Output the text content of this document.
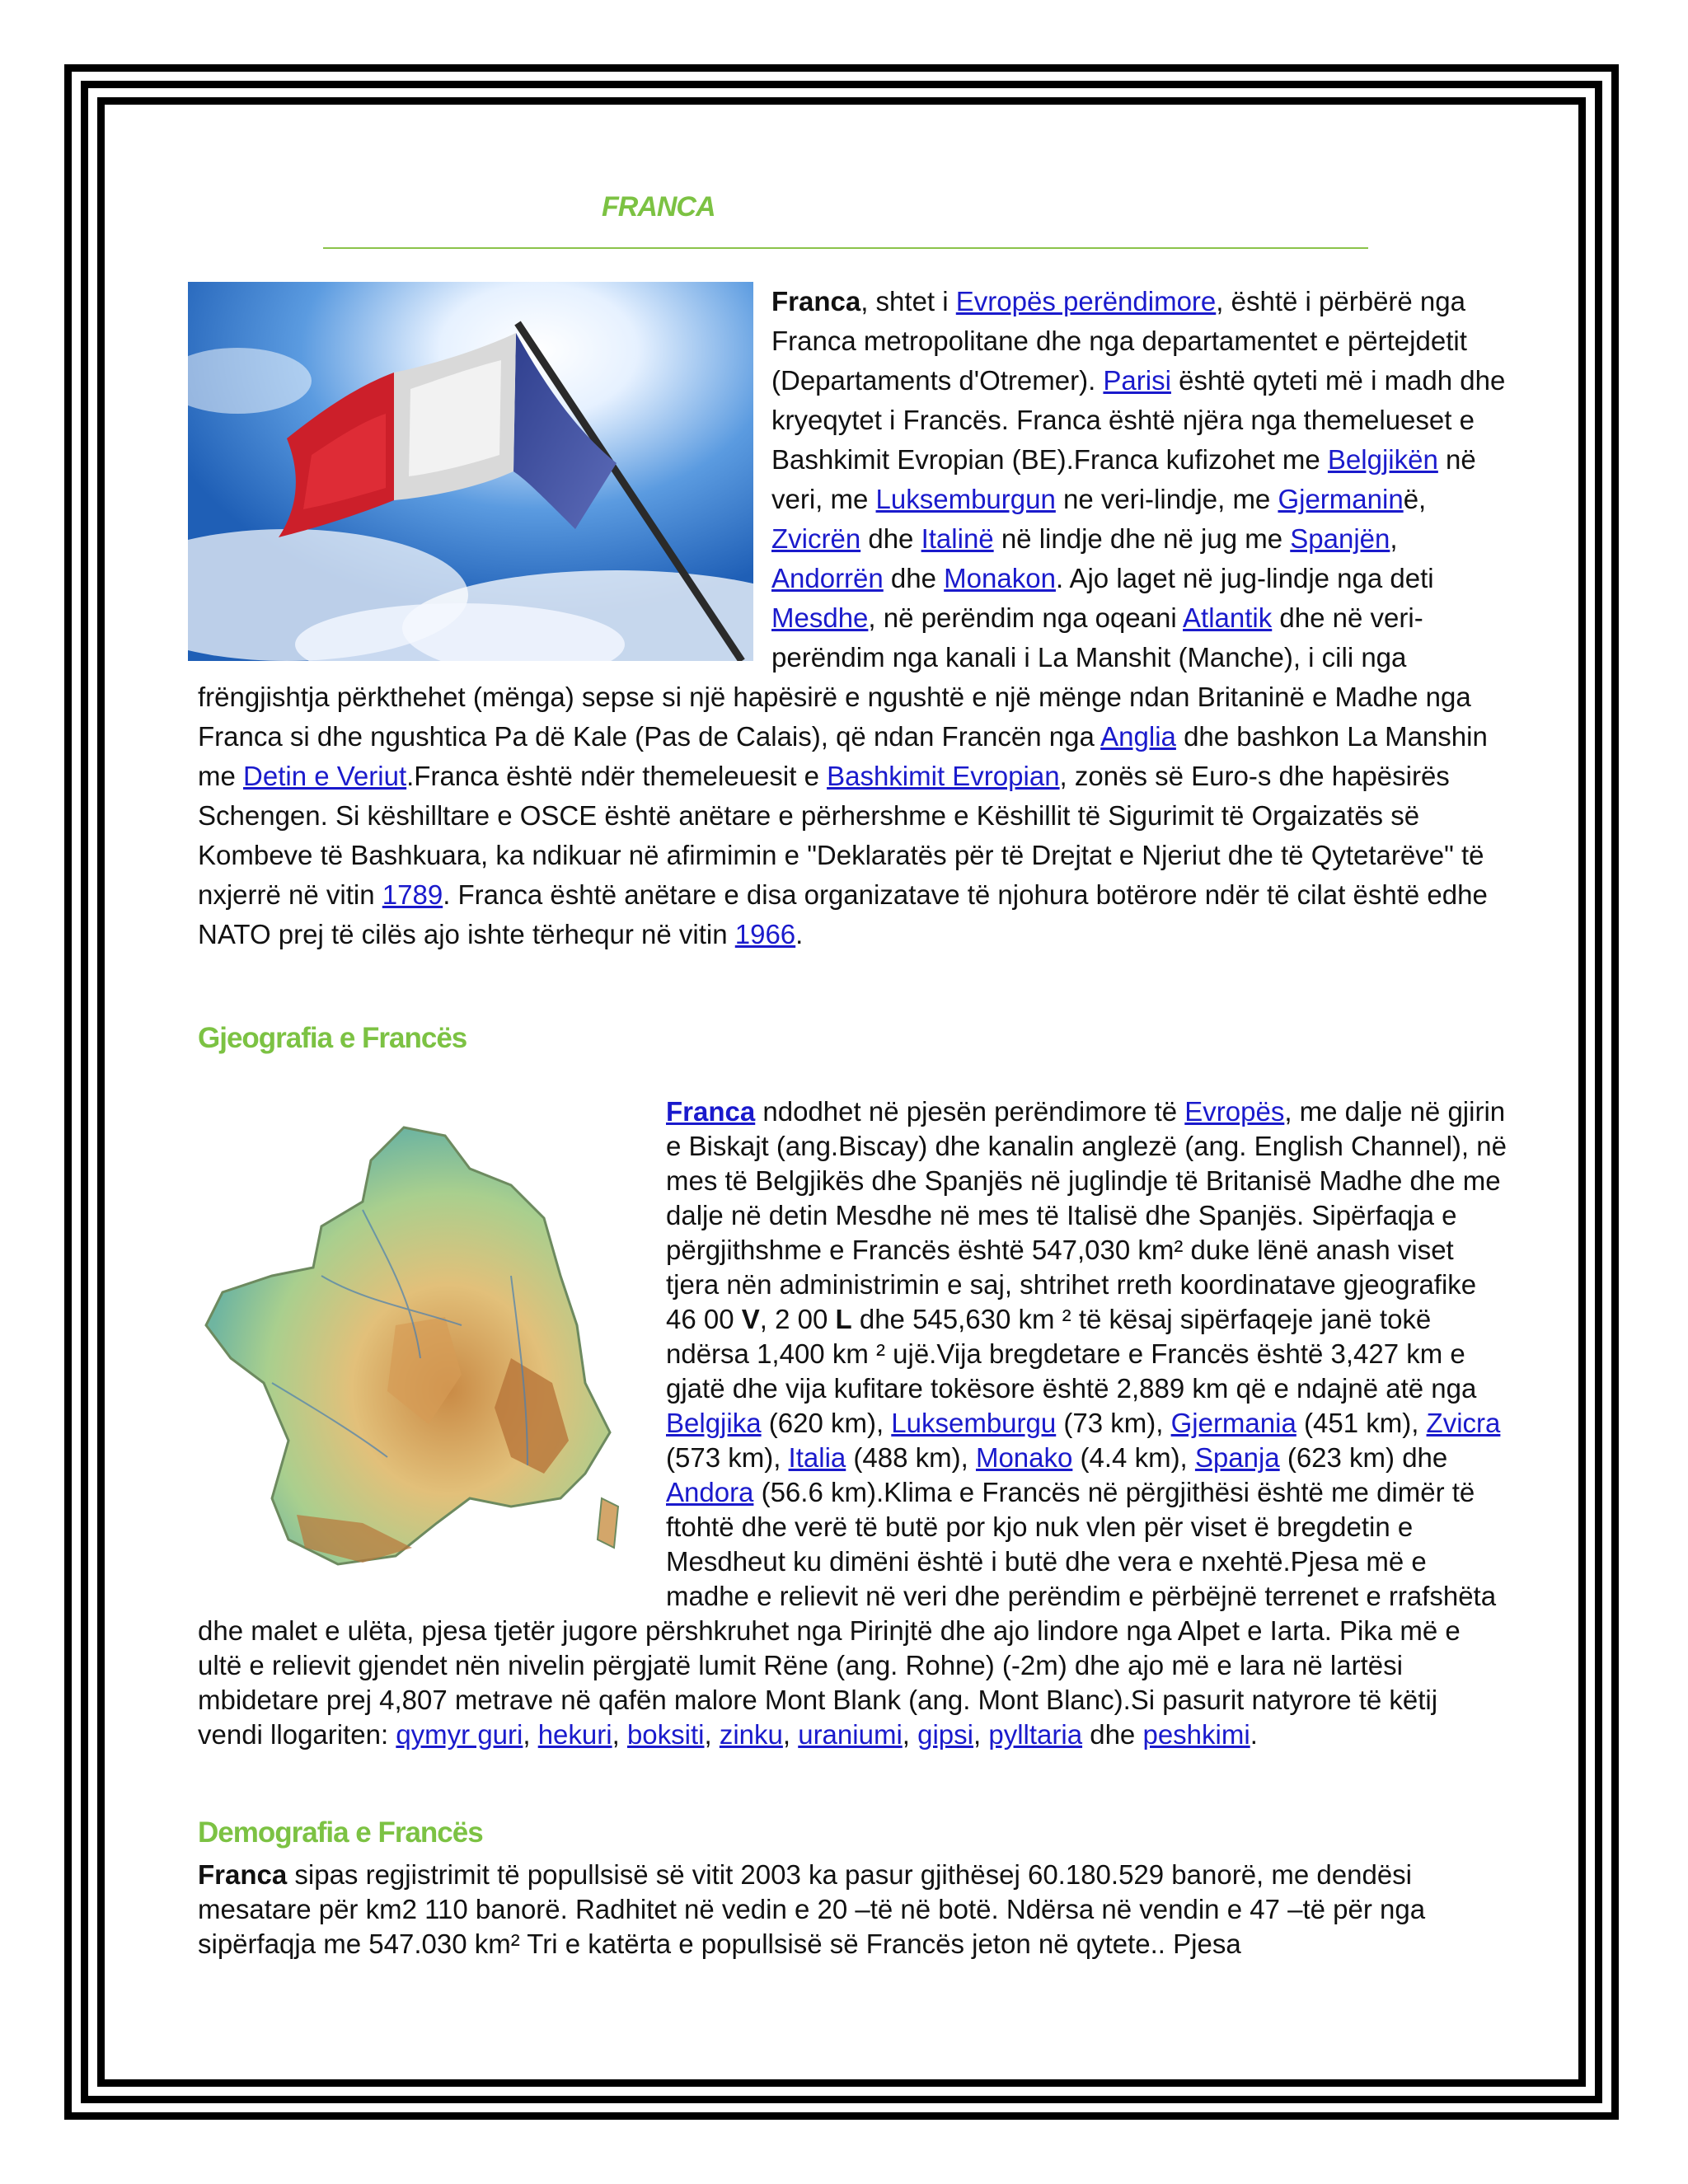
FRANCA

Franca, shtet i Evropës perëndimore, është i përbërë nga Franca metropolitane dhe nga departamentet e përtejdetit (Departaments d'Otremer). Parisi është qyteti më i madh dhe kryeqytet i Francës. Franca është njëra nga themelueset e Bashkimit Evropian (BE).Franca kufizohet me Belgjikën në veri, me Luksemburgun ne veri-lindje, me Gjermaninë, Zvicrën dhe Italinë në lindje dhe në jug me Spanjën, Andorrën dhe Monakon. Ajo laget në jug-lindje nga deti Mesdhe, në perëndim nga oqeani Atlantik dhe në veri-perëndim nga kanali i La Manshit (Manche), i cili nga frëngjishtja përkthehet (mënga) sepse si një hapësirë e ngushtë e një mënge ndan Britaninë e Madhe nga Franca si dhe ngushtica Pa dë Kale (Pas de Calais), që ndan Francën nga Anglia dhe bashkon La Manshin me Detin e Veriut.Franca është ndër themeleuesit e Bashkimit Evropian, zonës së Euro-s dhe hapësirës Schengen. Si këshilltare e OSCE është anëtare e përhershme e Këshillit të Sigurimit të Orgaizatës së Kombeve të Bashkuara, ka ndikuar në afirmimin e "Deklaratës për të Drejtat e Njeriut dhe të Qytetarëve" të nxjerrë në vitin 1789. Franca është anëtare e disa organizatave të njohura botërore ndër të cilat është edhe NATO prej të cilës ajo ishte tërhequr në vitin 1966.

Gjeografia e Francës

Franca ndodhet në pjesën perëndimore të Evropës, me dalje në gjirin e Biskajt (ang.Biscay) dhe kanalin anglezë (ang. English Channel), në mes të Belgjikës dhe Spanjës në juglindje të Britanisë Madhe dhe me dalje në detin Mesdhe në mes të Italisë dhe Spanjës. Sipërfaqja e përgjithshme e Francës është 547,030 km² duke lënë anash viset tjera nën administrimin e saj, shtrihet rreth koordinatave gjeografike 46 00 V, 2 00 L dhe 545,630 km ² të kësaj sipërfaqeje janë tokë ndërsa 1,400 km ² ujë.Vija bregdetare e Francës është 3,427 km e gjatë dhe vija kufitare tokësore është 2,889 km që e ndajnë atë nga Belgjika (620 km), Luksemburgu (73 km), Gjermania (451 km), Zvicra (573 km), Italia (488 km), Monako (4.4 km), Spanja (623 km) dhe Andora (56.6 km).Klima e Francës në përgjithësi është me dimër të ftohtë dhe verë të butë por kjo nuk vlen për viset ë bregdetin e Mesdheut ku dimëni është i butë dhe vera e nxehtë.Pjesa më e madhe e relievit në veri dhe perëndim e përbëjnë terrenet e rrafshëta dhe malet e ulëta, pjesa tjetër jugore përshkruhet nga Pirinjtë dhe ajo lindore nga Alpet e Iarta. Pika më e ultë e relievit gjendet nën nivelin përgjatë lumit Rëne (ang. Rohne) (-2m) dhe ajo më e lara në lartësi mbidetare prej 4,807 metrave në qafën malore Mont Blank (ang. Mont Blanc).Si pasurit natyrore të këtij vendi llogariten: qymyr guri, hekuri, boksiti, zinku, uraniumi, gipsi, pylltaria dhe peshkimi.

Demografia e Francës

Franca sipas regjistrimit të popullsisë së vitit 2003 ka pasur gjithësej 60.180.529 banorë, me dendësi mesatare për km2 110 banorë. Radhitet në vedin e 20 –të në botë. Ndërsa në vendin e 47 –të për nga sipërfaqja me 547.030 km² Tri e katërta e popullsisë së Francës jeton në qytete.. Pjesa
